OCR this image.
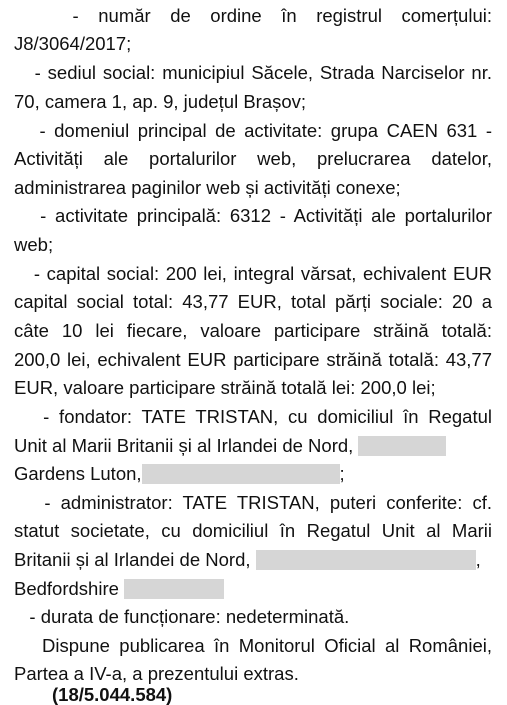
- număr de ordine în registrul comerțului:
J8/3064/2017;
- sediul social: municipiul Săcele, Strada Narciselor nr.
70, camera 1, ap. 9, județul Brașov;
- domeniul principal de activitate: grupa CAEN 631 -
Activități ale portalurilor web, prelucrarea datelor,
administrarea paginilor web și activități conexe;
- activitate principală: 6312 - Activități ale portalurilor
web;
- capital social: 200 lei, integral vărsat, echivalent EUR
capital social total: 43,77 EUR, total părți sociale: 20 a
câte 10 lei fiecare, valoare participare străină totală:
200,0 lei, echivalent EUR participare străină totală: 43,77
EUR, valoare participare străină totală lei: 200,0 lei;
- fondator: TATE TRISTAN, cu domiciliul în Regatul
Unit al Marii Britanii și al Irlandei de Nord,
Gardens Luton,	;
- administrator: TATE TRISTAN, puteri conferite: cf.
statut societate, cu domiciliul în Regatul Unit al Marii
Britanii și al Irlandei de Nord,	,
Bedfordshire
- durata de funcționare: nedeterminată.
Dispune publicarea în Monitorul Oficial al României,
Partea a IV-a, a prezentului extras.
(18/5.044.584)
